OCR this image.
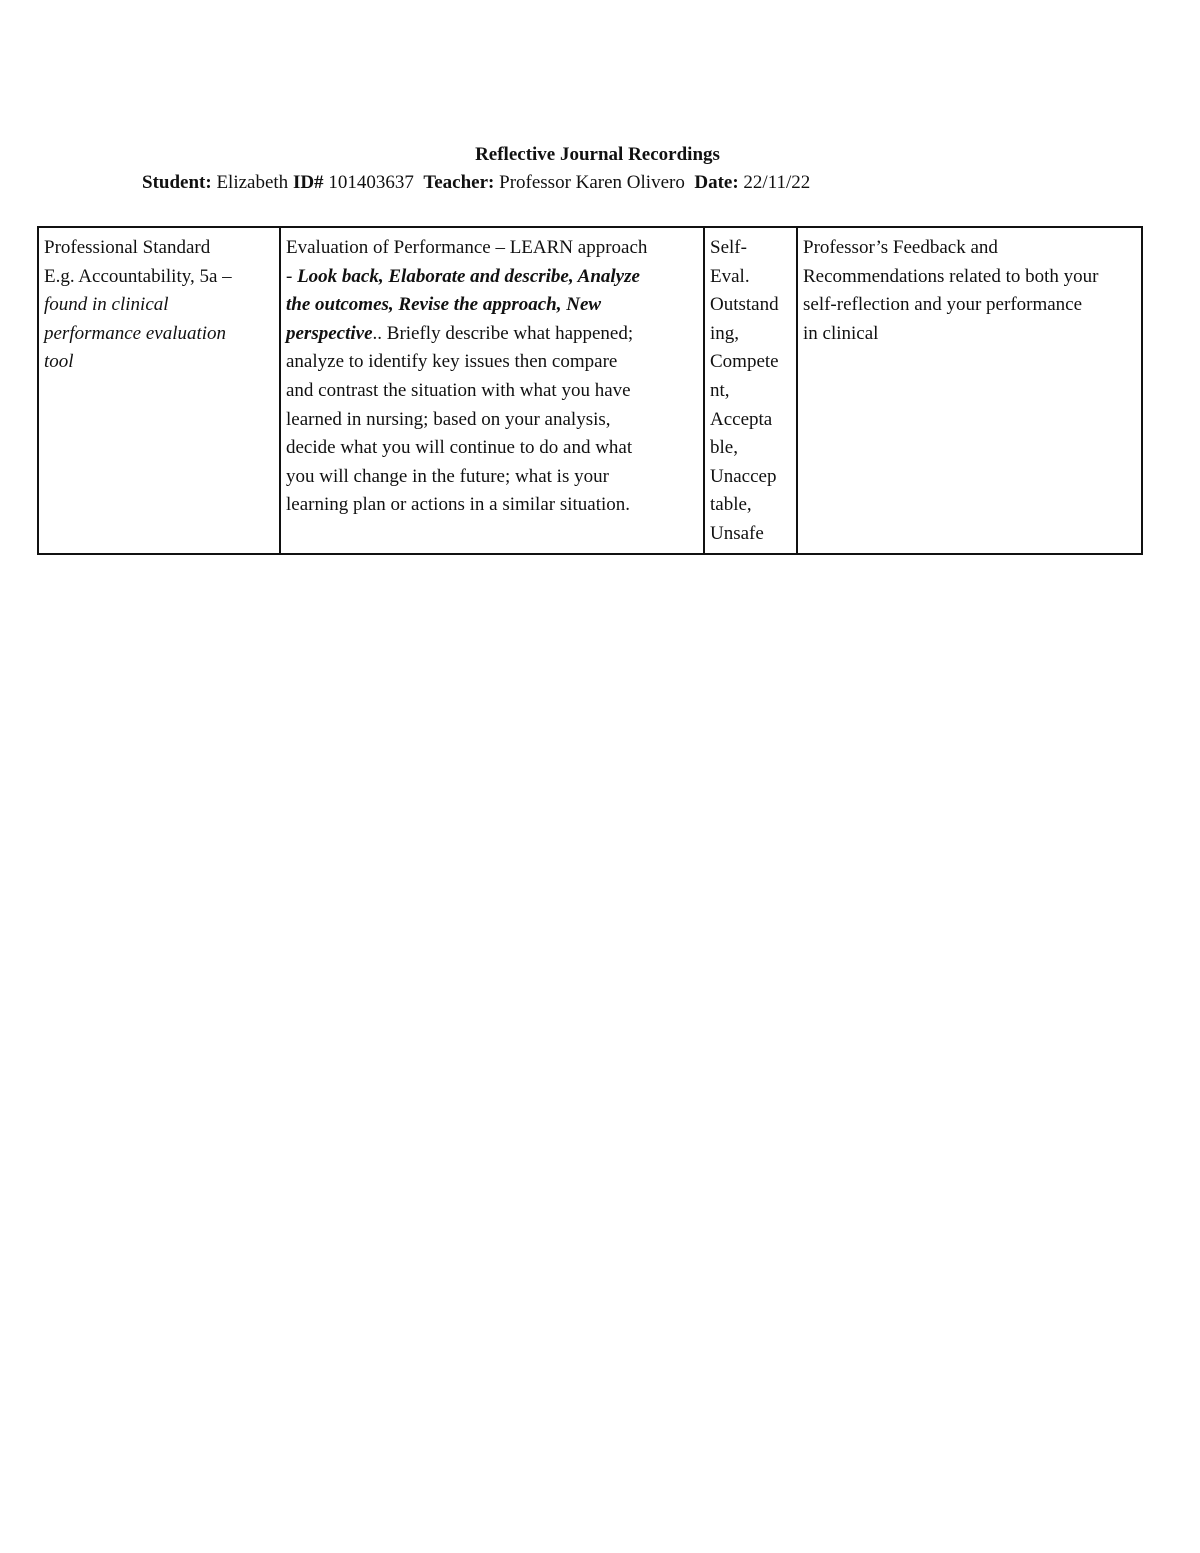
Reflective Journal Recordings
Student: Elizabeth ID# 101403637 Teacher: Professor Karen Olivero Date: 22/11/22
Professional Standard
E.g. Accountability, 5a –
found in clinical
performance evaluation
tool

Evaluation of Performance – LEARN approach
- Look back, Elaborate and describe, Analyze
the outcomes, Revise the approach, New
perspective.. Briefly describe what happened;
analyze to identify key issues then compare
and contrast the situation with what you have
learned in nursing; based on your analysis,
decide what you will continue to do and what
you will change in the future; what is your
learning plan or actions in a similar situation.

Self-
Eval.
Outstand
ing,
Compete
nt,
Accepta
ble,
Unaccep
table,
Unsafe

Professor’s Feedback and
Recommendations related to both your
self-reflection and your performance
in clinical
